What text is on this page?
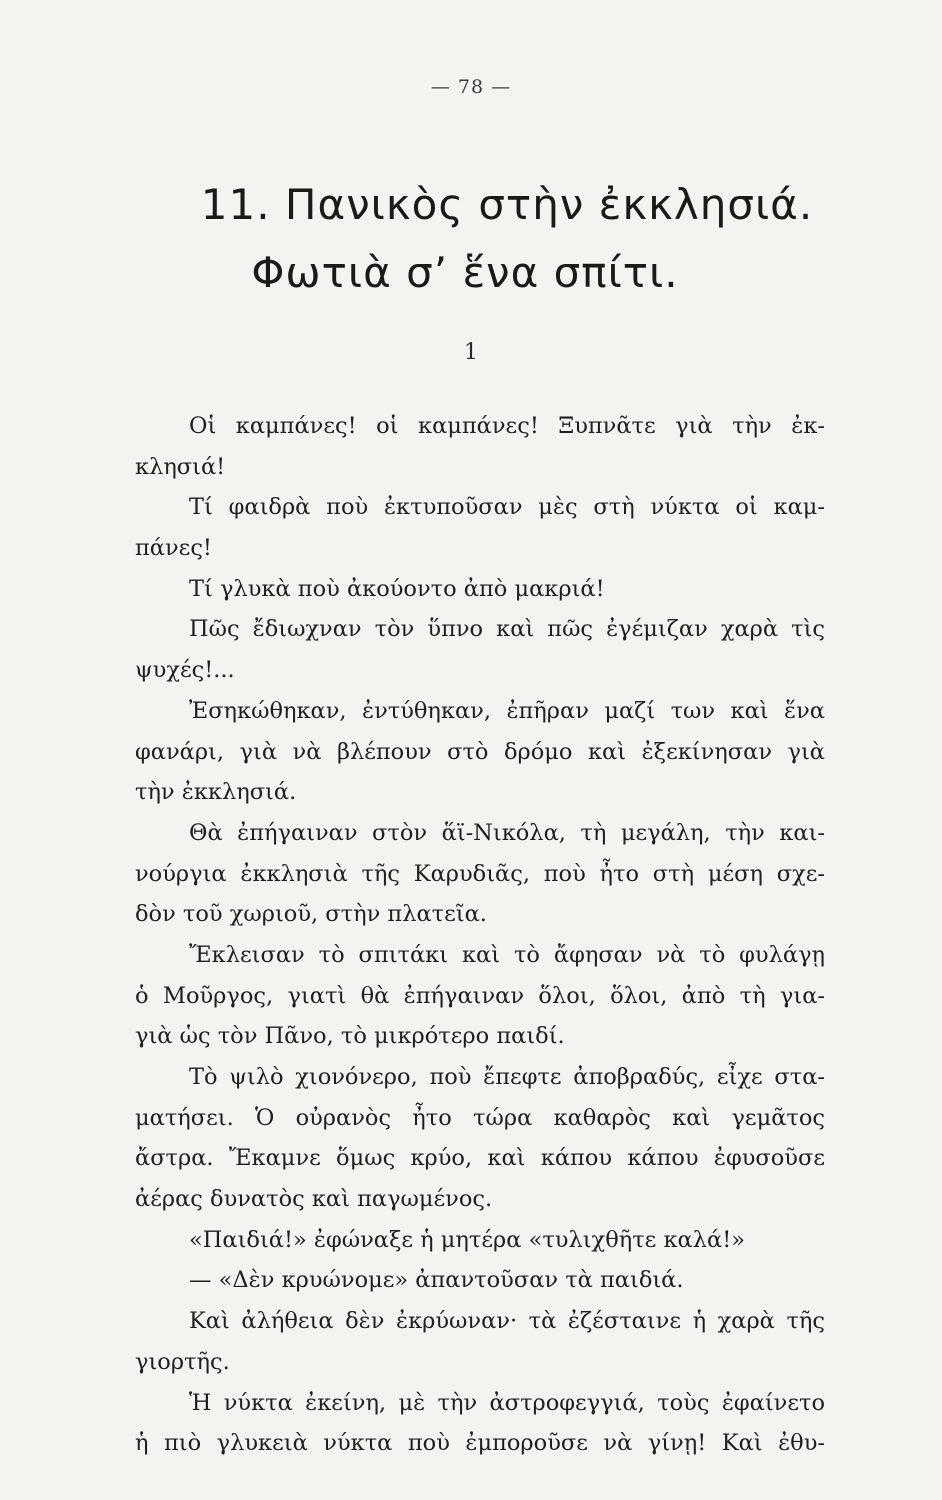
— 78 —
11. Πανικὸς στὴν ἐκκλησιά.
Φωτιὰ σ’ ἕνα σπίτι.
1
Οἱ καμπάνες! οἱ καμπάνες! Ξυπνᾶτε γιὰ τὴν ἐκ-
κλησιά!
Τί φαιδρὰ ποὺ ἐκτυποῦσαν μὲς στὴ νύκτα οἱ καμ-
πάνες!
Τί γλυκὰ ποὺ ἀκούοντο ἀπὸ μακριά!
Πῶς ἔδιωχναν τὸν ὕπνο καὶ πῶς ἐγέμιζαν χαρὰ τὶς
ψυχές!...
Ἐσηκώθηκαν, ἐντύθηκαν, ἐπῆραν μαζί των καὶ ἕνα
φανάρι, γιὰ νὰ βλέπουν στὸ δρόμο καὶ ἐξεκίνησαν γιὰ
τὴν ἐκκλησιά.
Θὰ ἐπήγαιναν στὸν ἅϊ-Νικόλα, τὴ μεγάλη, τὴν και-
νούργια ἐκκλησιὰ τῆς Καρυδιᾶς, ποὺ ἦτο στὴ μέση σχε-
δὸν τοῦ χωριοῦ, στὴν πλατεῖα.
Ἔκλεισαν τὸ σπιτάκι καὶ τὸ ἄφησαν νὰ τὸ φυλάγῃ
ὁ Μοῦργος, γιατὶ θὰ ἐπήγαιναν ὅλοι, ὅλοι, ἀπὸ τὴ για-
γιὰ ὡς τὸν Πᾶνο, τὸ μικρότερο παιδί.
Τὸ ψιλὸ χιονόνερο, ποὺ ἔπεφτε ἀποβραδύς, εἶχε στα-
ματήσει. Ὁ οὐρανὸς ἦτο τώρα καθαρὸς καὶ γεμᾶτος
ἄστρα. Ἔκαμνε ὅμως κρύο, καὶ κάπου κάπου ἐφυσοῦσε
ἀέρας δυνατὸς καὶ παγωμένος.
«Παιδιά!» ἐφώναξε ἡ μητέρα «τυλιχθῆτε καλά!»
— «Δὲν κρυώνομε» ἀπαντοῦσαν τὰ παιδιά.
Καὶ ἀλήθεια δὲν ἐκρύωναν· τὰ ἐζέσταινε ἡ χαρὰ τῆς
γιορτῆς.
Ἡ νύκτα ἐκείνη, μὲ τὴν ἀστροφεγγιά, τοὺς ἐφαίνετο
ἡ πιὸ γλυκειὰ νύκτα ποὺ ἐμποροῦσε νὰ γίνῃ! Καὶ ἐθυ-
